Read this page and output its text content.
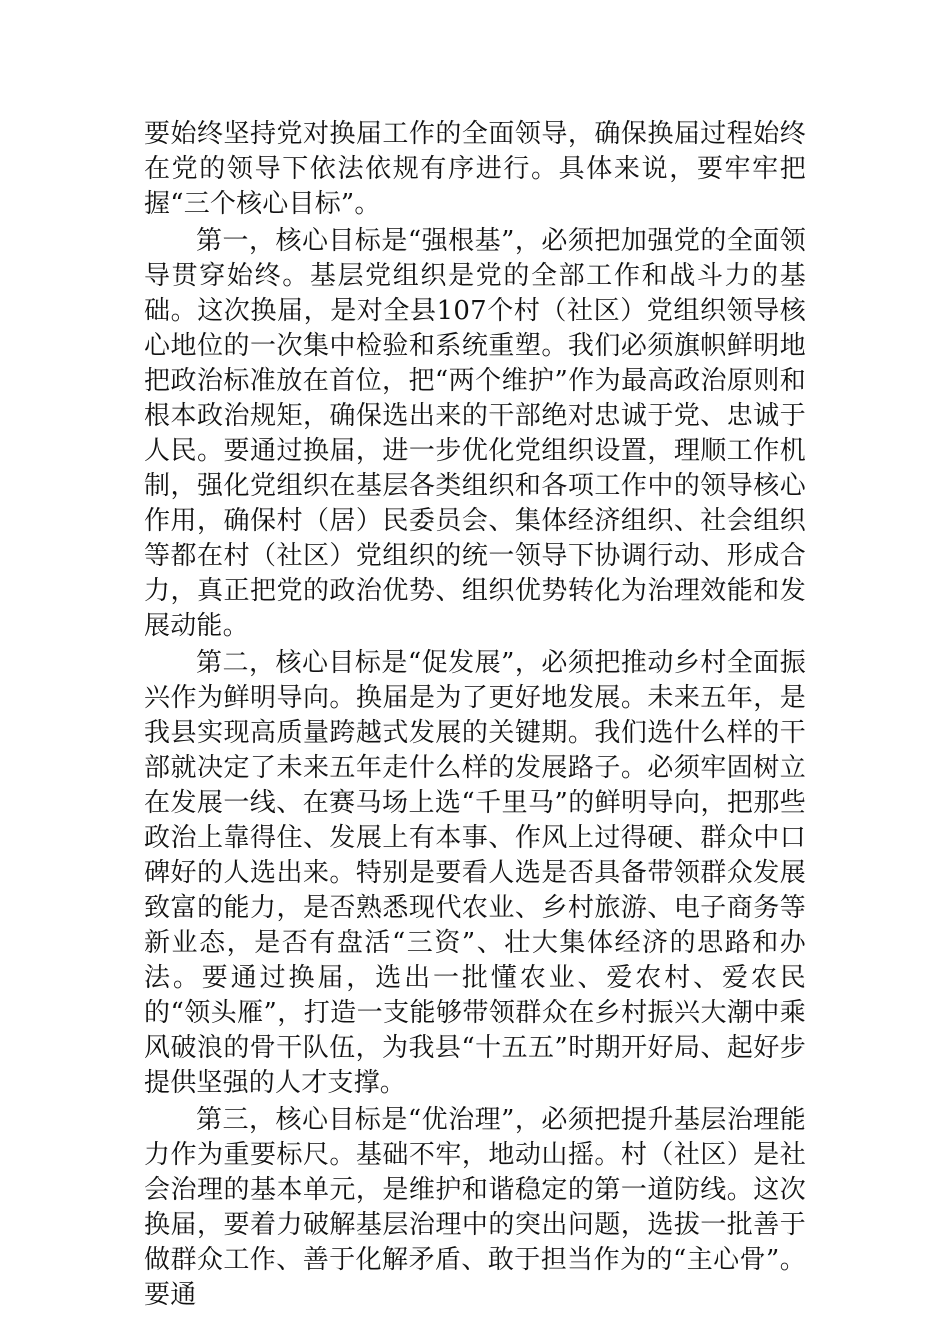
要始终坚持党对换届工作的全面领导，确保换届过程始终在党的领导下依法依规有序进行。具体来说，要牢牢把握“三个核心目标”。

第一，核心目标是“强根基”，必须把加强党的全面领导贯穿始终。基层党组织是党的全部工作和战斗力的基础。这次换届，是对全县107个村（社区）党组织领导核心地位的一次集中检验和系统重塑。我们必须旗帜鲜明地把政治标准放在首位，把“两个维护”作为最高政治原则和根本政治规矩，确保选出来的干部绝对忠诚于党、忠诚于人民。要通过换届，进一步优化党组织设置，理顺工作机制，强化党组织在基层各类组织和各项工作中的领导核心作用，确保村（居）民委员会、集体经济组织、社会组织等都在村（社区）党组织的统一领导下协调行动、形成合力，真正把党的政治优势、组织优势转化为治理效能和发展动能。

第二，核心目标是“促发展”，必须把推动乡村全面振兴作为鲜明导向。换届是为了更好地发展。未来五年，是我县实现高质量跨越式发展的关键期。我们选什么样的干部就决定了未来五年走什么样的发展路子。必须牢固树立在发展一线、在赛马场上选“千里马”的鲜明导向，把那些政治上靠得住、发展上有本事、作风上过得硬、群众中口碑好的人选出来。特别是要看人选是否具备带领群众发展致富的能力，是否熟悉现代农业、乡村旅游、电子商务等新业态，是否有盘活“三资”、壮大集体经济的思路和办法。要通过换届，选出一批懂农业、爱农村、爱农民的“领头雁”，打造一支能够带领群众在乡村振兴大潮中乘风破浪的骨干队伍，为我县“十五五”时期开好局、起好步提供坚强的人才支撑。

第三，核心目标是“优治理”，必须把提升基层治理能力作为重要标尺。基础不牢，地动山摇。村（社区）是社会治理的基本单元，是维护和谐稳定的第一道防线。这次换届，要着力破解基层治理中的突出问题，选拔一批善于做群众工作、善于化解矛盾、敢于担当作为的“主心骨”。要通
